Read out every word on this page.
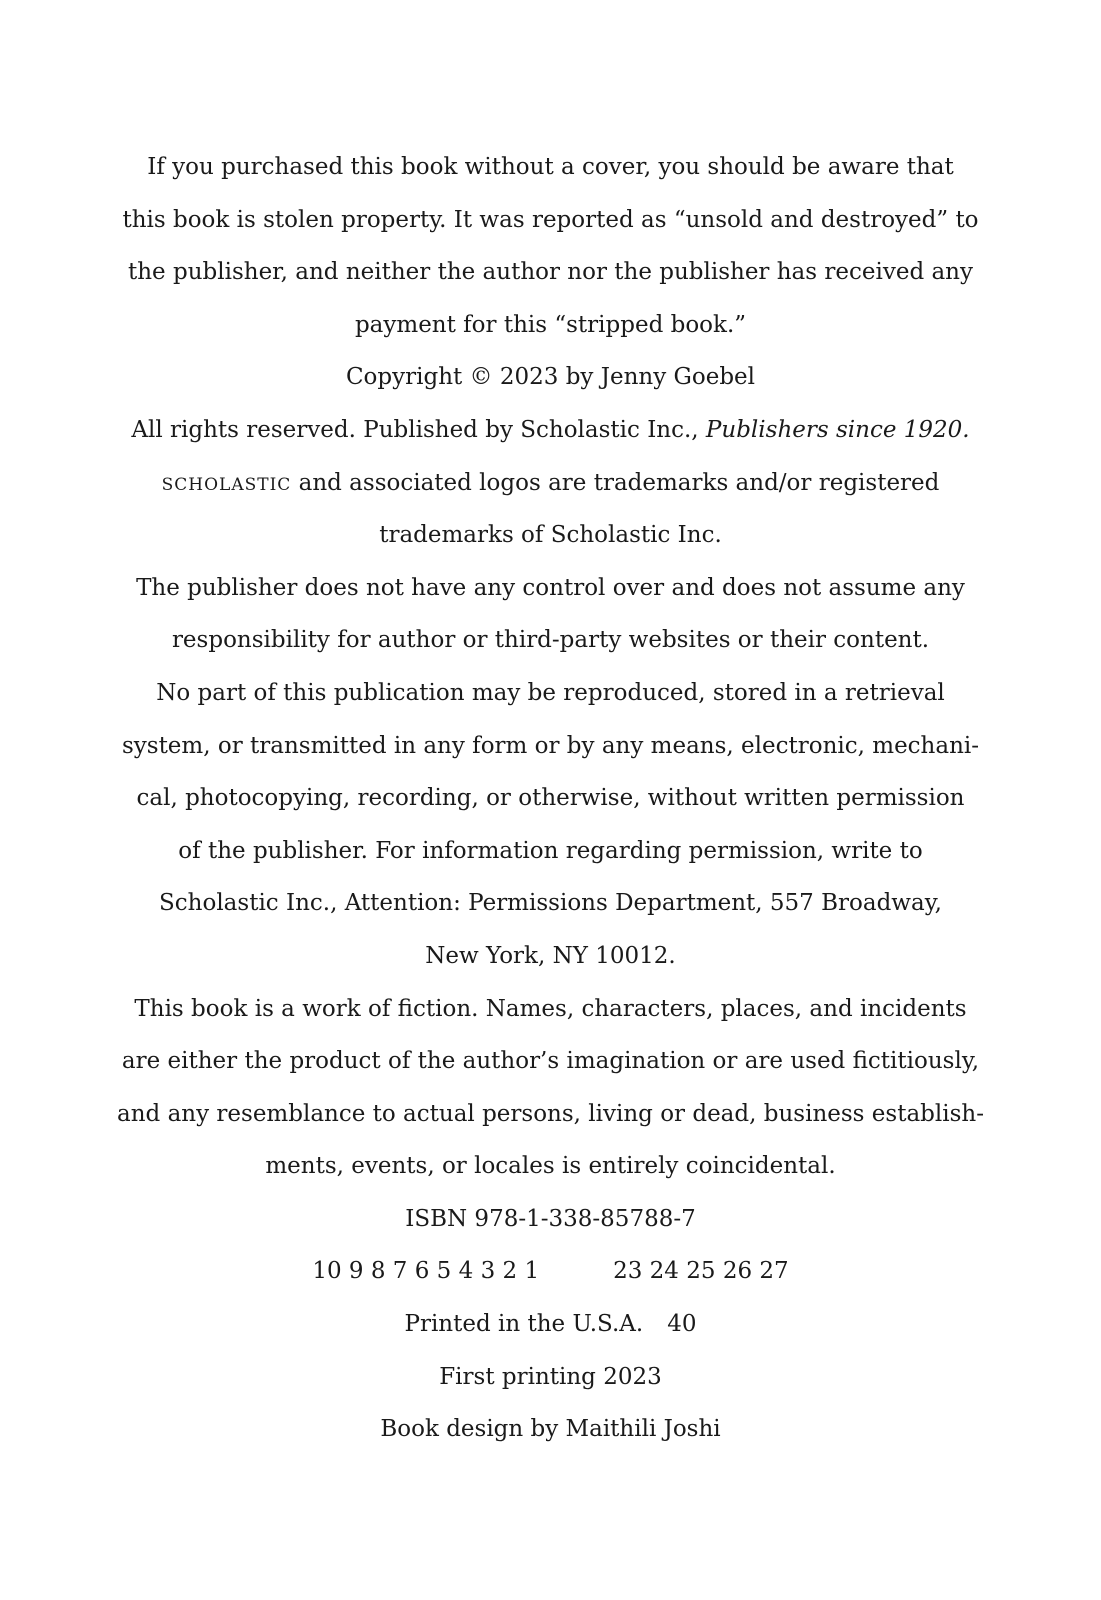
If you purchased this book without a cover, you should be aware that
this book is stolen property. It was reported as “unsold and destroyed” to
the publisher, and neither the author nor the publisher has received any
payment for this “stripped book.”
Copyright © 2023 by Jenny Goebel
All rights reserved. Published by Scholastic Inc., Publishers since 1920.
SCHOLASTIC and associated logos are trademarks and/or registered
trademarks of Scholastic Inc.
The publisher does not have any control over and does not assume any
responsibility for author or third-party websites or their content.
No part of this publication may be reproduced, stored in a retrieval
system, or transmitted in any form or by any means, electronic, mechani-
cal, photocopying, recording, or otherwise, without written permission
of the publisher. For information regarding permission, write to
Scholastic Inc., Attention: Permissions Department, 557 Broadway,
New York, NY 10012.
This book is a work of fiction. Names, characters, places, and incidents
are either the product of the author’s imagination or are used fictitiously,
and any resemblance to actual persons, living or dead, business establish-
ments, events, or locales is entirely coincidental.
ISBN 978-1-338-85788-7
10 9 8 7 6 5 4 3 2 1	23 24 25 26 27
Printed in the U.S.A. 40
First printing 2023
Book design by Maithili Joshi
